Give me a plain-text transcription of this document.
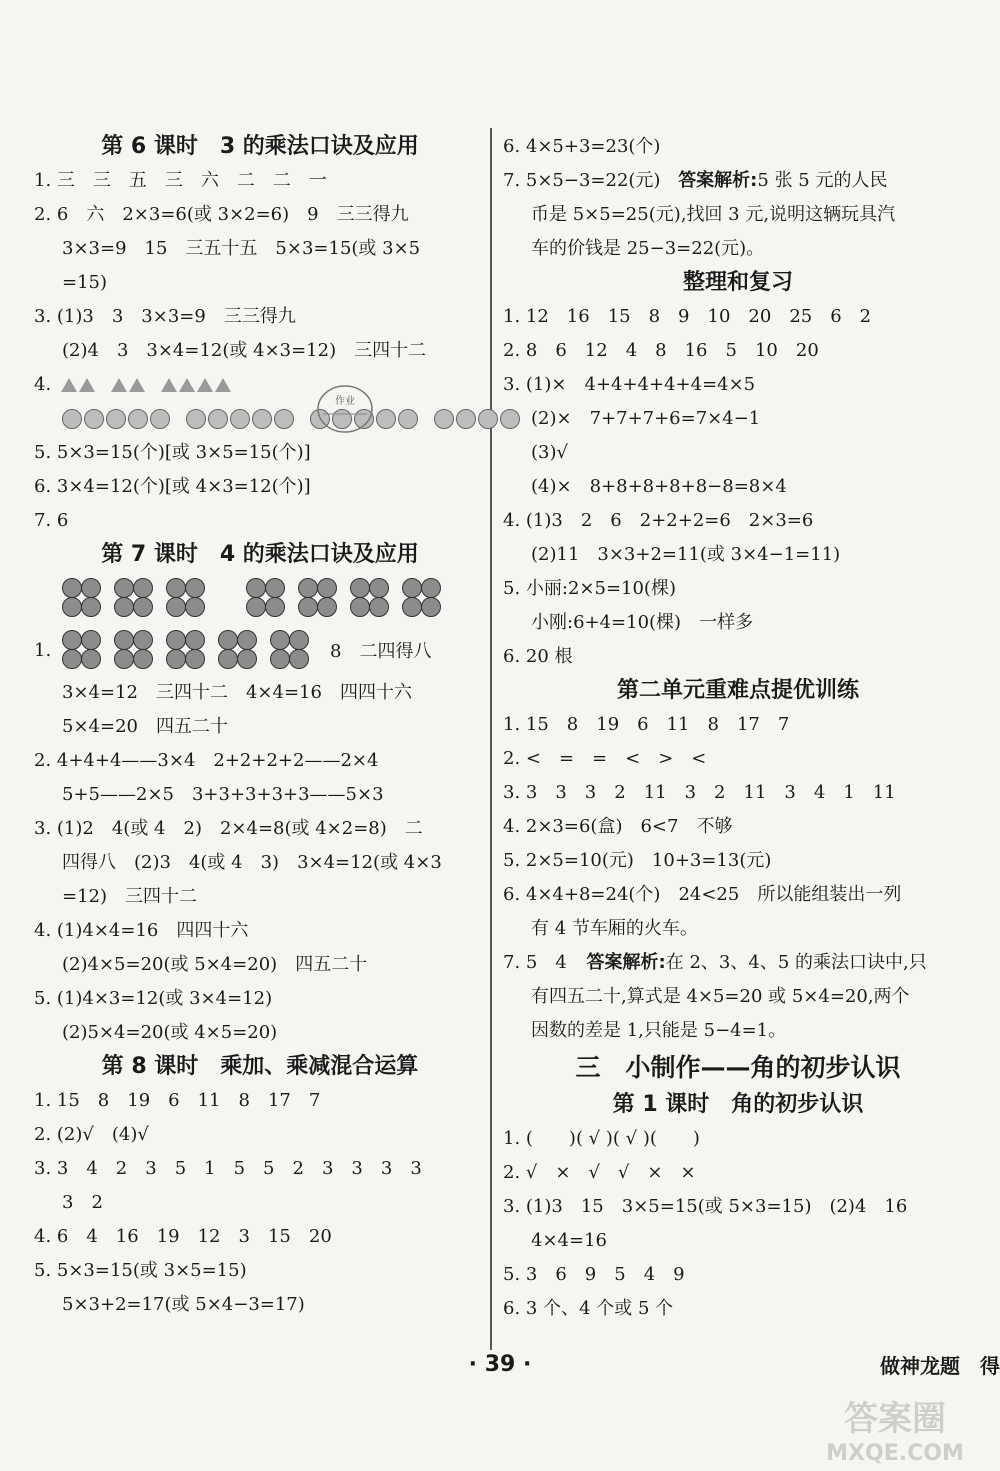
第 6 课时　3 的乘法口诀及应用
1. 三　三　五　三　六　二　二　一
2. 6　六　2×3=6(或 3×2=6)　9　三三得九
3×3=9　15　三五十五　5×3=15(或 3×5
=15)
3. (1)3　3　3×3=9　三三得九
(2)4　3　3×4=12(或 4×3=12)　三四十二
4.
5. 5×3=15(个)[或 3×5=15(个)]
6. 3×4=12(个)[或 4×3=12(个)]
7. 6
第 7 课时　4 的乘法口诀及应用
1.	8　二四得八
3×4=12　三四十二　4×4=16　四四十六
5×4=20　四五二十
2. 4+4+4——3×4　2+2+2+2——2×4
5+5——2×5　3+3+3+3+3——5×3
3. (1)2　4(或 4　2)　2×4=8(或 4×2=8)　二
四得八　(2)3　4(或 4　3)　3×4=12(或 4×3
=12)　三四十二
4. (1)4×4=16　四四十六
(2)4×5=20(或 5×4=20)　四五二十
5. (1)4×3=12(或 3×4=12)
(2)5×4=20(或 4×5=20)
第 8 课时　乘加、乘减混合运算
1. 15　8　19　6　11　8　17　7
2. (2)√　(4)√
3. 3　4　2　3　5　1　5　5　2　3　3　3　3
3　2
4. 6　4　16　19　12　3　15　20
5. 5×3=15(或 3×5=15)
5×3+2=17(或 5×4−3=17)
作业
6. 4×5+3=23(个)
7. 5×5−3=22(元) 答案解析:5 张 5 元的人民
币是 5×5=25(元),找回 3 元,说明这辆玩具汽
车的价钱是 25−3=22(元)。
整理和复习
1. 12　16　15　8　9　10　20　25　6　2
2. 8　6　12　4　8　16　5　10　20
3. (1)×　4+4+4+4+4=4×5
(2)×　7+7+7+6=7×4−1
(3)√
(4)×　8+8+8+8+8−8=8×4
4. (1)3　2　6　2+2+2=6　2×3=6
(2)11　3×3+2=11(或 3×4−1=11)
5. 小丽:2×5=10(棵)
小刚:6+4=10(棵)　一样多
6. 20 根
第二单元重难点提优训练
1. 15　8　19　6　11　8　17　7
2. <　=　=　<　>　<
3. 3　3　3　2　11　3　2　11　3　4　1　11
4. 2×3=6(盒)　6<7　不够
5. 2×5=10(元)　10+3=13(元)
6. 4×4+8=24(个)　24<25　所以能组装出一列
有 4 节车厢的火车。
7. 5　4 答案解析:在 2、3、4、5 的乘法口诀中,只
有四五二十,算式是 4×5=20 或 5×4=20,两个
因数的差是 1,只能是 5−4=1。
三　小制作——角的初步认识
第 1 课时　角的初步认识
1. (　　)( √ )( √ )(　　)
2. √　×　√　√　×　×
3. (1)3　15　3×5=15(或 5×3=15)　(2)4　16
4×4=16
5. 3　6　9　5　4　9
6. 3 个、4 个或 5 个
· 39 ·	做神龙题　得
答案圈
MXQE.COM
